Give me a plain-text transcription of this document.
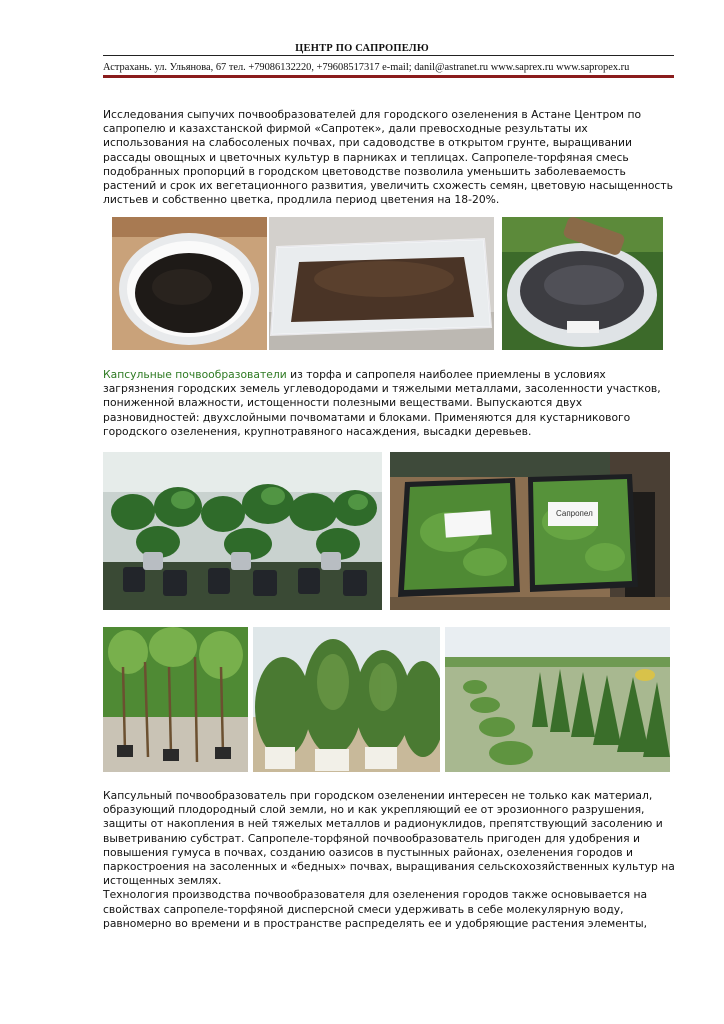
ЦЕНТР ПО САПРОПЕЛЮ
Астрахань. ул. Ульянова, 67 тел. +79086132220, +79608517317 e-mail; danil@astranet.ru www.saprex.ru www.sapropex.ru

Исследования сыпучих почвообразователей для городского озеленения в Астане Центром по сапропелю и казахстанской фирмой «Сапротек», дали превосходные результаты их использования на слабосоленых почвах, при садоводстве в открытом грунте, выращивании рассады овощных и цветочных культур в парниках и теплицах. Сапропеле-торфяная смесь подобранных пропорций в городском цветоводстве позволила уменьшить заболеваемость растений и срок их вегетационного развития, увеличить схожесть семян, цветовую насыщенность листьев и собственно цветка, продлила период цветения на 18-20%.

Капсульные почвообразователи из торфа и сапропеля наиболее приемлены в условиях загрязнения городских земель углеводородами и тяжелыми металлами, засоленности участков, пониженной влажности, истощенности полезными веществами. Выпускаются двух разновидностей: двухслойными почвоматами и блоками. Применяются для кустарникового городского озеленения, крупнотравяного насаждения, высадки деревьев.

Сапропел

Капсульный почвообразователь при городском озеленении интересен не только как материал, образующий плодородный слой земли, но и как укрепляющий ее от эрозионного разрушения, защиты от накопления в ней тяжелых металлов и радионуклидов, препятствующий засолению и выветриванию субстрат. Сапропеле-торфяной почвообразователь пригоден для удобрения и повышения гумуса в почвах, созданию оазисов в пустынных районах, озеленения городов и паркостроения на засоленных и «бедных» почвах, выращивания сельскохозяйственных культур на истощенных землях.

Технология производства почвообразователя для озеленения городов также основывается на свойствах сапропеле-торфяной дисперсной смеси удерживать в себе молекулярную воду, равномерно во времени и в пространстве распределять ее и удобряющие растения элементы,
